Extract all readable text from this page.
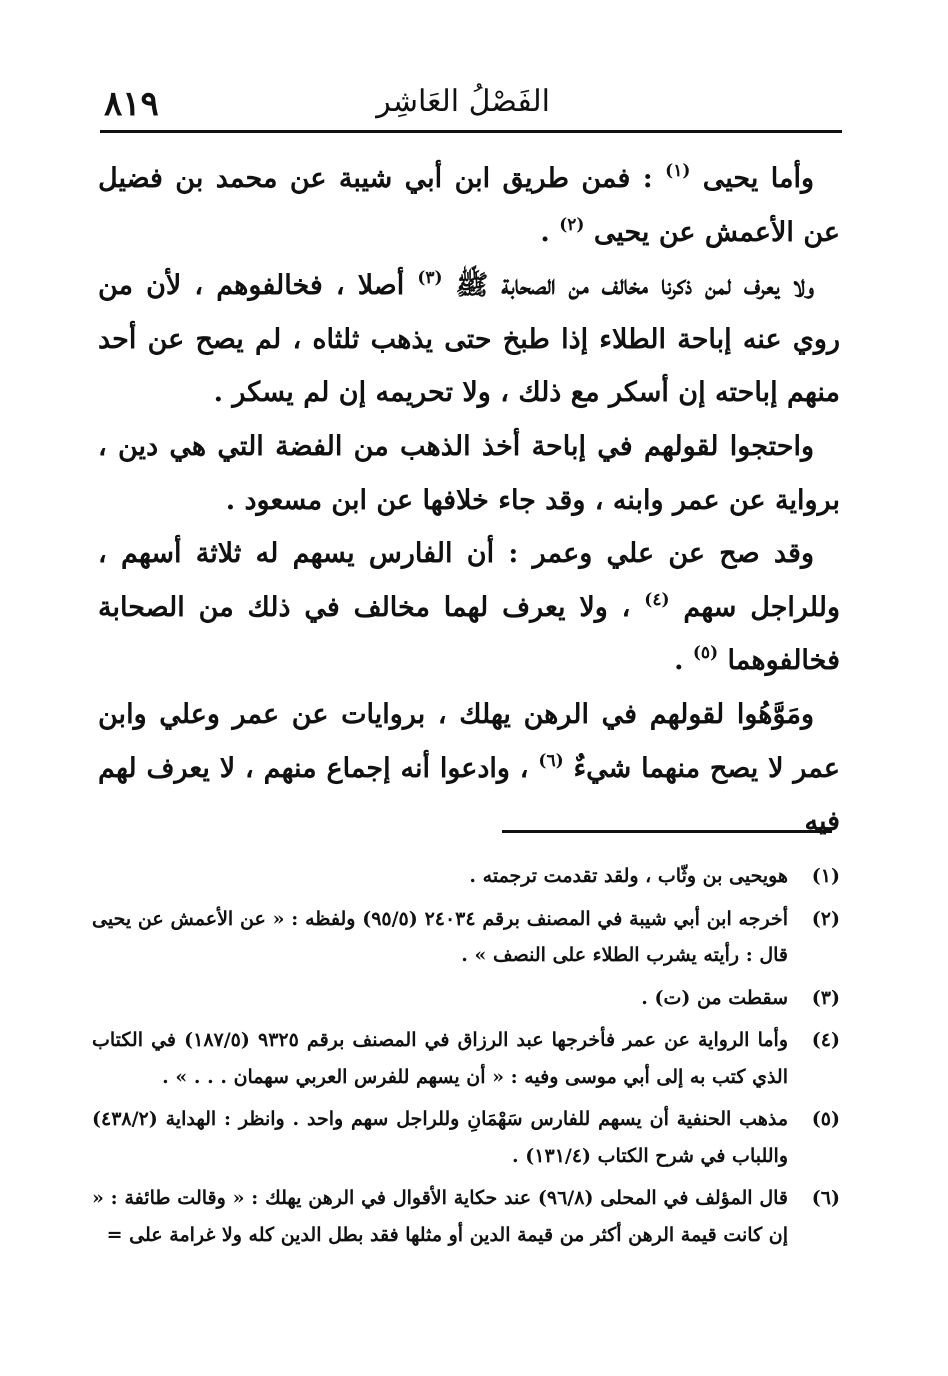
٨١٩	الفَصْلُ العَاشِر

وأما يحيى $^{(١)}$ : فمن طريق ابن أبي شيبة عن محمد بن فضيل عن الأعمش عن يحيى $^{(٢)}$ .

ولا يعرف لمن ذكرنا مخالف من الصحابة ﷺ $^{(٣)}$ أصلا ، فخالفوهم ، لأن من روي عنه إباحة الطلاء إذا طبخ حتى يذهب ثلثاه ، لم يصح عن أحد منهم إباحته إن أسكر مع ذلك ، ولا تحريمه إن لم يسكر .

واحتجوا لقولهم في إباحة أخذ الذهب من الفضة التي هي دين ، برواية عن عمر وابنه ، وقد جاء خلافها عن ابن مسعود .

وقد صح عن علي وعمر : أن الفارس يسهم له ثلاثة أسهم ، وللراجل سهم $^{(٤)}$ ، ولا يعرف لهما مخالف في ذلك من الصحابة فخالفوهما $^{(٥)}$ .

ومَوَّهُوا لقولهم في الرهن يهلك ، بروايات عن عمر وعلي وابن عمر لا يصح منهما شيءٌ $^{(٦)}$ ، وادعوا أنه إجماع منهم ، لا يعرف لهم فيه

(١)
هويحيى بن وثّاب ، ولقد تقدمت ترجمته .
(٢)
أخرجه ابن أبي شيبة في المصنف برقم ٢٤٠٣٤ (٩٥/٥) ولفظه : « عن الأعمش عن يحيى قال : رأيته يشرب الطلاء على النصف » .
(٣)
سقطت من (ت) .
(٤)
وأما الرواية عن عمر فأخرجها عبد الرزاق في المصنف برقم ٩٣٢٥ (١٨٧/٥) في الكتاب الذي كتب به إلى أبي موسى وفيه : « أن يسهم للفرس العربي سهمان . . . » .
(٥)
مذهب الحنفية أن يسهم للفارس سَهْمَانِ وللراجل سهم واحد . وانظر : الهداية (٤٣٨/٢) واللباب في شرح الكتاب (١٣١/٤) .
(٦)
قال المؤلف في المحلى (٩٦/٨) عند حكاية الأقوال في الرهن يهلك : « وقالت طائفة : « إن كانت قيمة الرهن أكثر من قيمة الدين أو مثلها فقد بطل الدين كله ولا غرامة على =
